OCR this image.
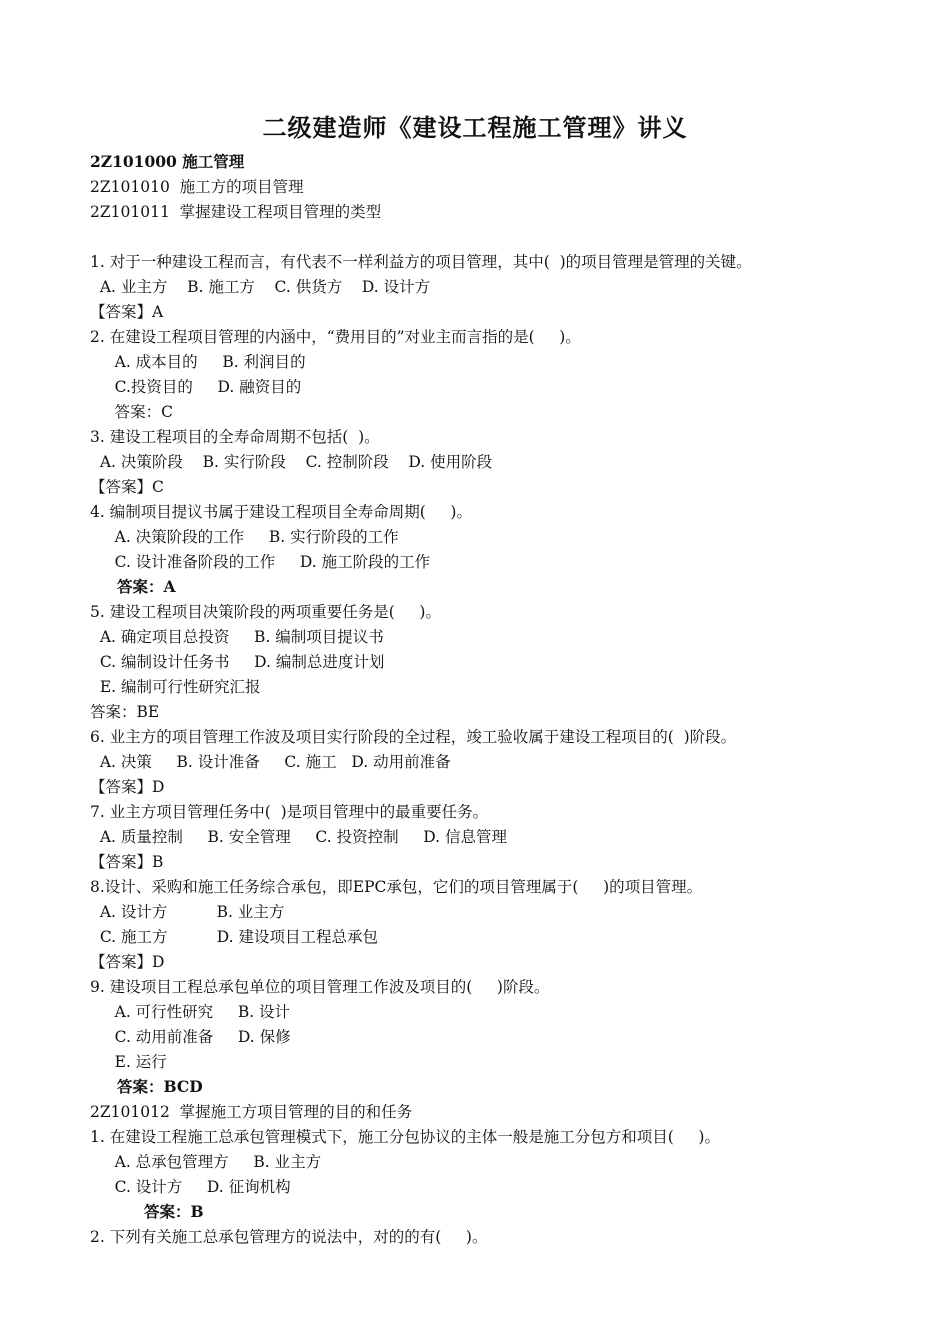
二级建造师《建设工程施工管理》讲义

2Z101000 施工管理

2Z101010  施工方的项目管理

2Z101011  掌握建设工程项目管理的类型

1. 对于一种建设工程而言，有代表不一样利益方的项目管理，其中(  )的项目管理是管理的关键。

A. 业主方    B. 施工方    C. 供货方    D. 设计方

【答案】A

2. 在建设工程项目管理的内涵中，“费用目的”对业主而言指的是(     )。

A. 成本目的     B. 利润目的

C.投资目的     D. 融资目的

答案：C

3. 建设工程项目的全寿命周期不包括(  )。

A. 决策阶段    B. 实行阶段    C. 控制阶段    D. 使用阶段

【答案】C

4. 编制项目提议书属于建设工程项目全寿命周期(     )。

A. 决策阶段的工作     B. 实行阶段的工作

C. 设计准备阶段的工作     D. 施工阶段的工作

答案：A

5. 建设工程项目决策阶段的两项重要任务是(     )。

A. 确定项目总投资     B. 编制项目提议书

C. 编制设计任务书     D. 编制总进度计划

E. 编制可行性研究汇报

答案：BE

6. 业主方的项目管理工作波及项目实行阶段的全过程，竣工验收属于建设工程项目的(  )阶段。

A. 决策     B. 设计准备     C. 施工   D. 动用前准备

【答案】D

7. 业主方项目管理任务中(  )是项目管理中的最重要任务。

A. 质量控制     B. 安全管理     C. 投资控制     D. 信息管理

【答案】B

8.设计、采购和施工任务综合承包，即EPC承包，它们的项目管理属于(     )的项目管理。

A. 设计方          B. 业主方

C. 施工方          D. 建设项目工程总承包

【答案】D

9. 建设项目工程总承包单位的项目管理工作波及项目的(     )阶段。

A. 可行性研究     B. 设计

C. 动用前准备     D. 保修

E. 运行

答案：BCD

2Z101012  掌握施工方项目管理的目的和任务

1. 在建设工程施工总承包管理模式下，施工分包协议的主体一般是施工分包方和项目(     )。

A. 总承包管理方     B. 业主方

C. 设计方     D. 征询机构

答案：B

2. 下列有关施工总承包管理方的说法中，对的的有(     )。
